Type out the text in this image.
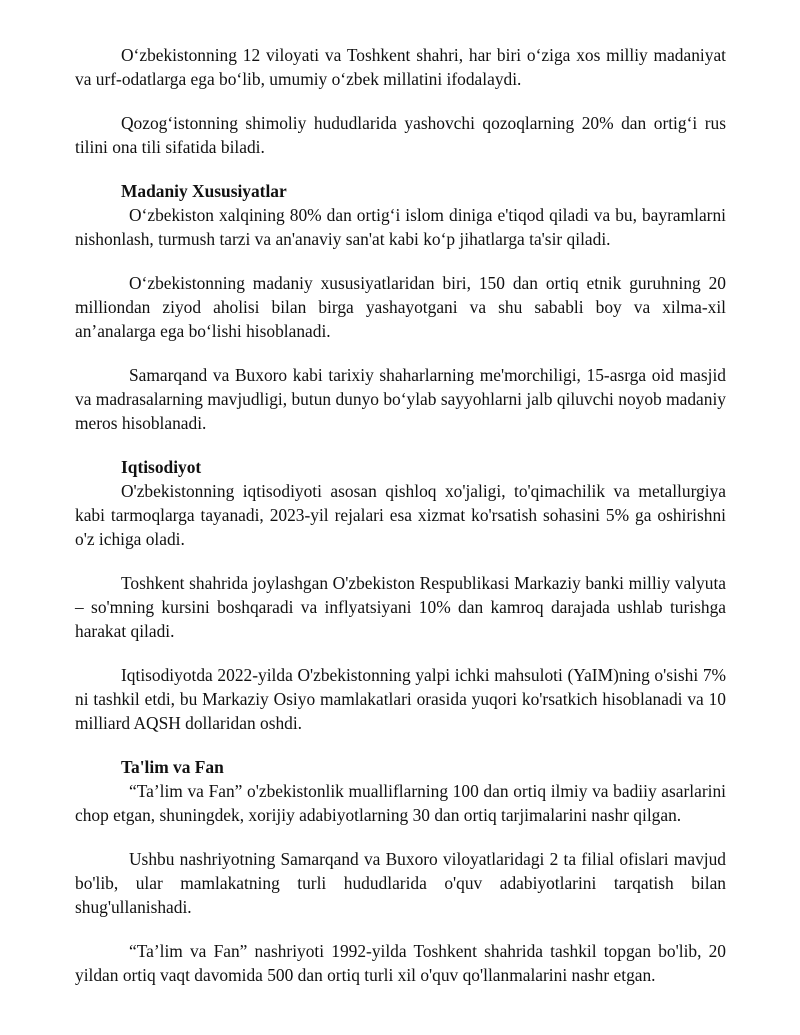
O‘zbekistonning 12 viloyati va Toshkent shahri, har biri o‘ziga xos milliy madaniyat va urf-odatlarga ega bo‘lib, umumiy o‘zbek millatini ifodalaydi.

Qozog‘istonning shimoliy hududlarida yashovchi qozoqlarning 20% dan ortig‘i rus tilini ona tili sifatida biladi.

Madaniy Xususiyatlar

O‘zbekiston xalqining 80% dan ortig‘i islom diniga e'tiqod qiladi va bu, bayramlarni nishonlash, turmush tarzi va an'anaviy san'at kabi ko‘p jihatlarga ta'sir qiladi.

O‘zbekistonning madaniy xususiyatlaridan biri, 150 dan ortiq etnik guruhning 20 milliondan ziyod aholisi bilan birga yashayotgani va shu sababli boy va xilma-xil an’analarga ega bo‘lishi hisoblanadi.

Samarqand va Buxoro kabi tarixiy shaharlarning me'morchiligi, 15-asrga oid masjid va madrasalarning mavjudligi, butun dunyo bo‘ylab sayyohlarni jalb qiluvchi noyob madaniy meros hisoblanadi.

Iqtisodiyot

O'zbekistonning iqtisodiyoti asosan qishloq xo'jaligi, to'qimachilik va metallurgiya kabi tarmoqlarga tayanadi, 2023-yil rejalari esa xizmat ko'rsatish sohasini 5% ga oshirishni o'z ichiga oladi.

Toshkent shahrida joylashgan O'zbekiston Respublikasi Markaziy banki milliy valyuta – so'mning kursini boshqaradi va inflyatsiyani 10% dan kamroq darajada ushlab turishga harakat qiladi.

Iqtisodiyotda 2022-yilda O'zbekistonning yalpi ichki mahsuloti (YaIM)ning o'sishi 7% ni tashkil etdi, bu Markaziy Osiyo mamlakatlari orasida yuqori ko'rsatkich hisoblanadi va 10 milliard AQSH dollaridan oshdi.

Ta'lim va Fan

“Ta’lim va Fan” o'zbekistonlik mualliflarning 100 dan ortiq ilmiy va badiiy asarlarini chop etgan, shuningdek, xorijiy adabiyotlarning 30 dan ortiq tarjimalarini nashr qilgan.

Ushbu nashriyotning Samarqand va Buxoro viloyatlaridagi 2 ta filial ofislari mavjud bo'lib, ular mamlakatning turli hududlarida o'quv adabiyotlarini tarqatish bilan shug'ullanishadi.

“Ta’lim va Fan” nashriyoti 1992-yilda Toshkent shahrida tashkil topgan bo'lib, 20 yildan ortiq vaqt davomida 500 dan ortiq turli xil o'quv qo'llanmalarini nashr etgan.
